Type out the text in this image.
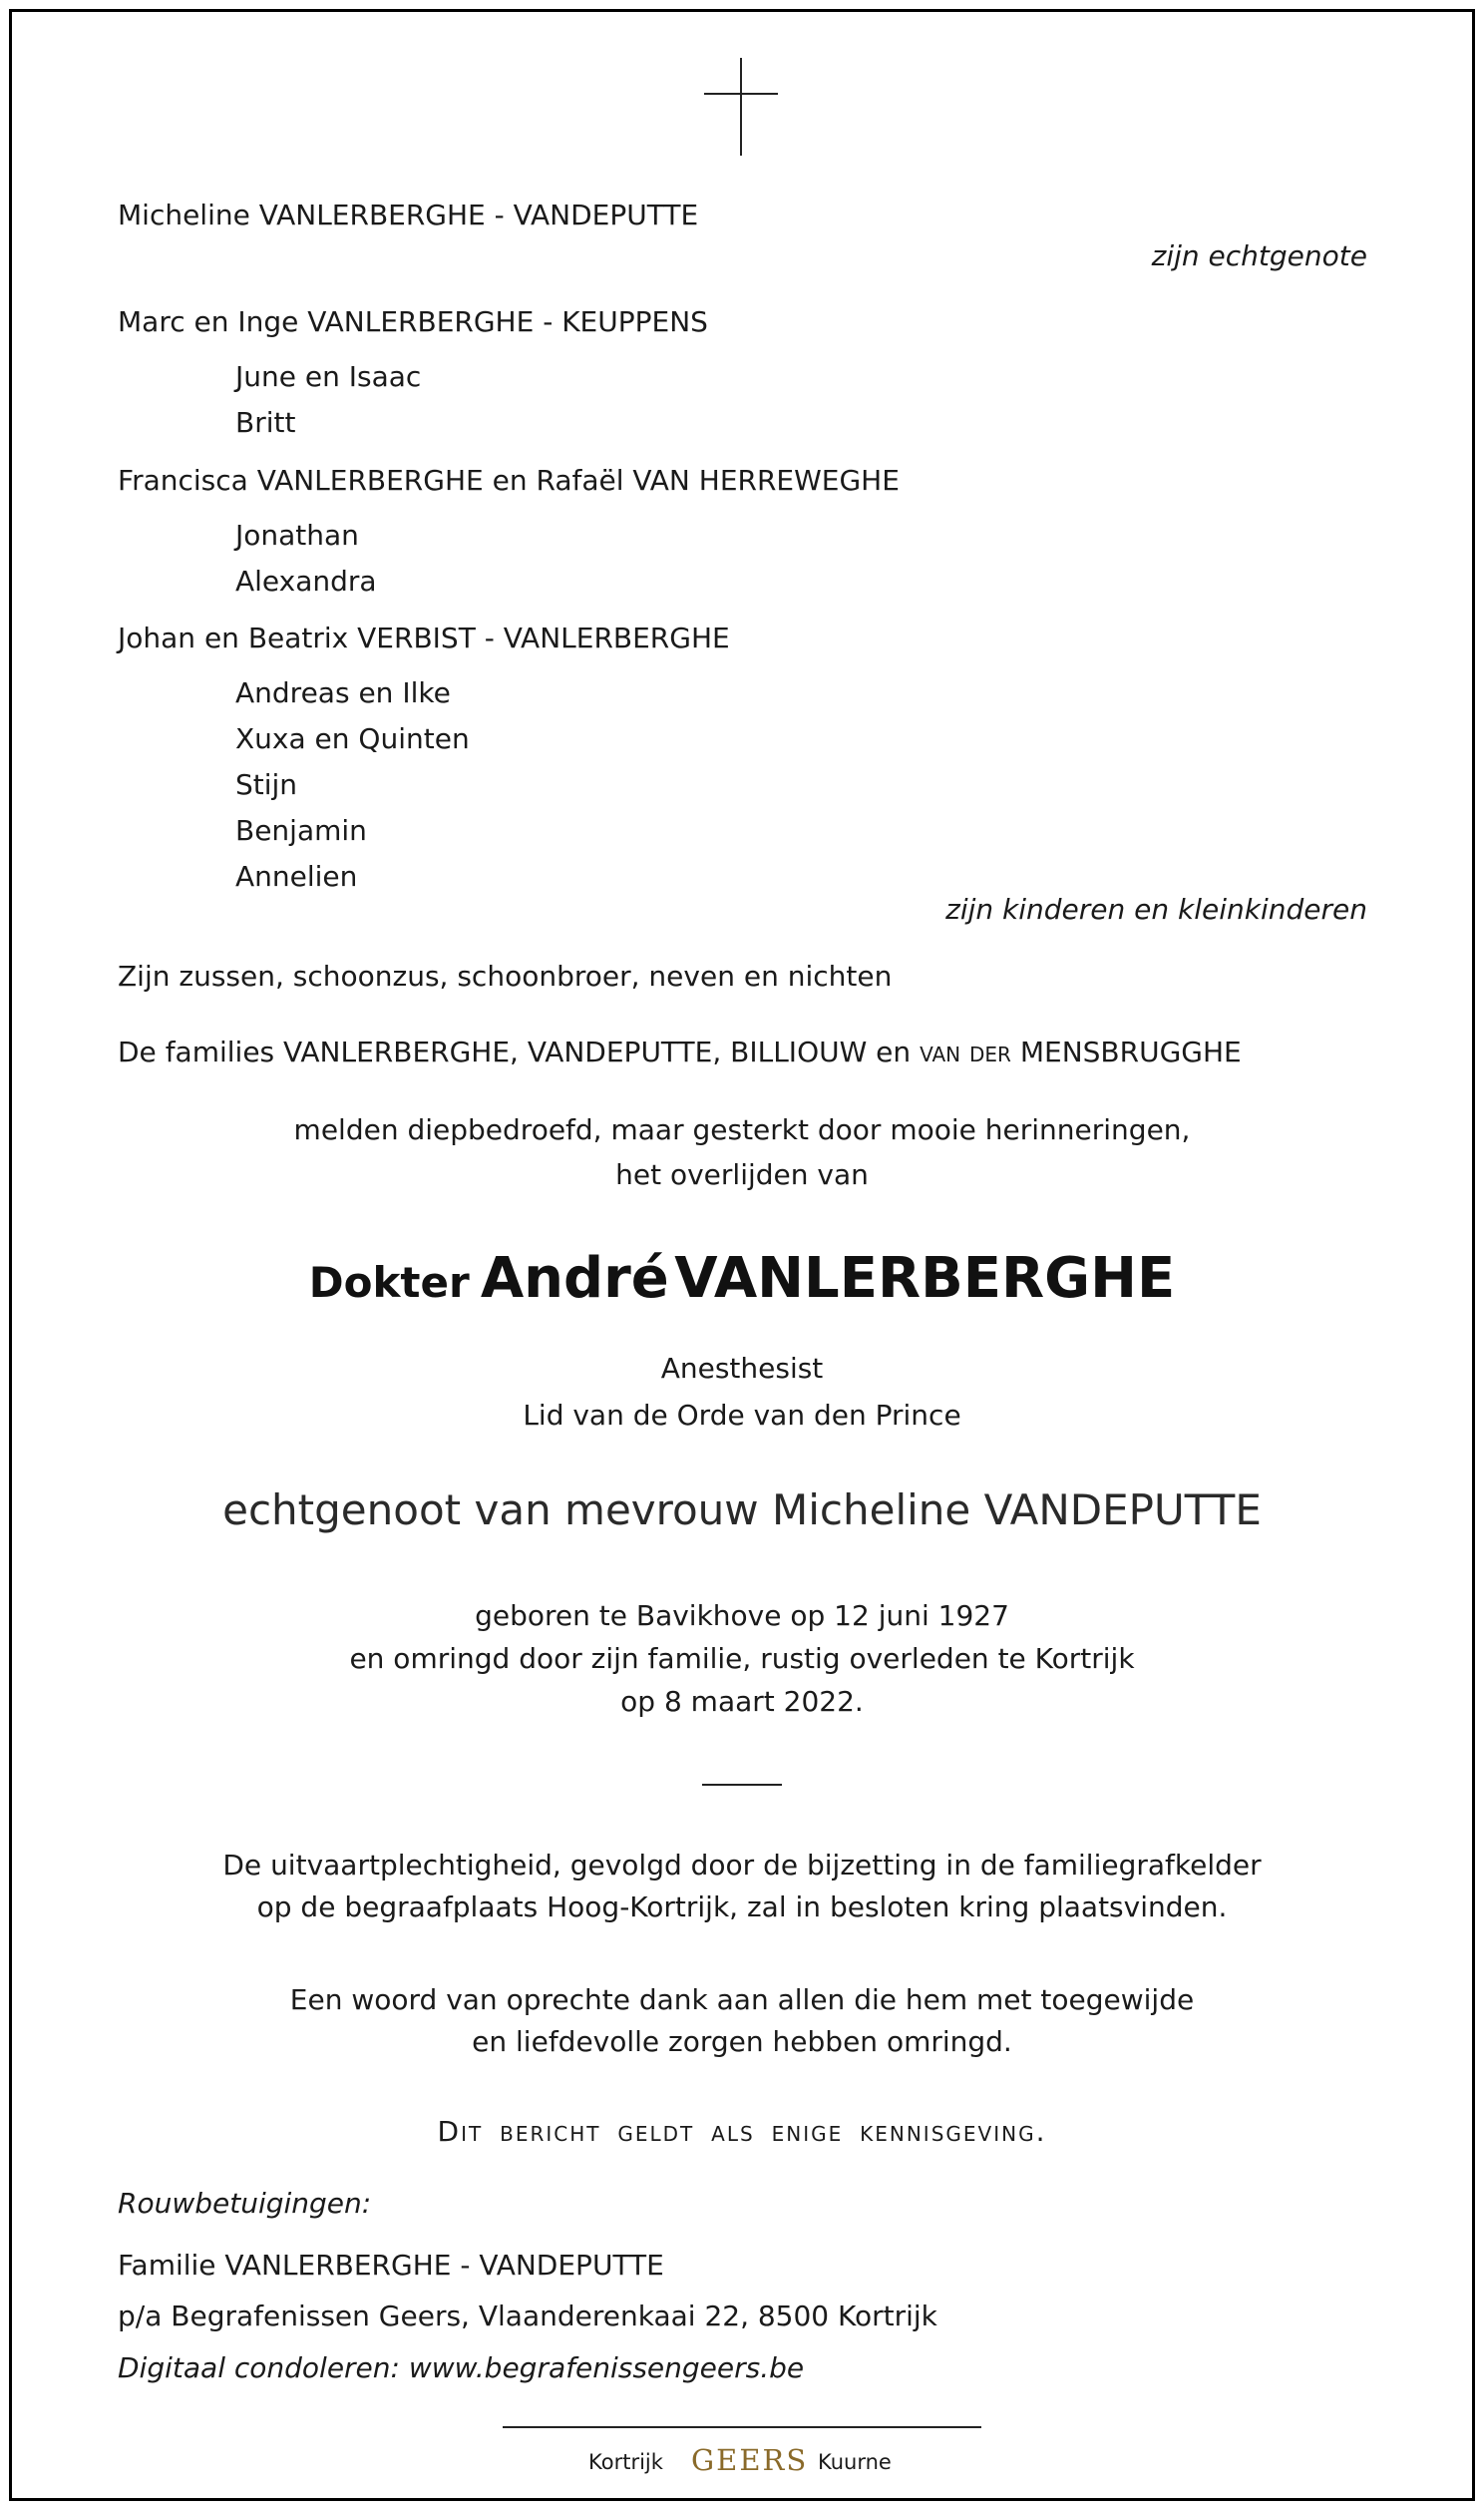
Micheline VANLERBERGHE - VANDEPUTTE
zijn echtgenote
Marc en Inge VANLERBERGHE - KEUPPENS
June en Isaac
Britt
Francisca VANLERBERGHE en Rafaël VAN HERREWEGHE
Jonathan
Alexandra
Johan en Beatrix VERBIST - VANLERBERGHE
Andreas en Ilke
Xuxa en Quinten
Stijn
Benjamin
Annelien
zijn kinderen en kleinkinderen
Zijn zussen, schoonzus, schoonbroer, neven en nichten
De families VANLERBERGHE, VANDEPUTTE, BILLIOUW en van der MENSBRUGGHE
melden diepbedroefd, maar gesterkt door mooie herinneringen,
het overlijden van
Dokter André VANLERBERGHE
Anesthesist
Lid van de Orde van den Prince
echtgenoot van mevrouw Micheline VANDEPUTTE
geboren te Bavikhove op 12 juni 1927
en omringd door zijn familie, rustig overleden te Kortrijk
op 8 maart 2022.
De uitvaartplechtigheid, gevolgd door de bijzetting in de familiegrafkelder
op de begraafplaats Hoog-Kortrijk, zal in besloten kring plaatsvinden.
Een woord van oprechte dank aan allen die hem met toegewijde
en liefdevolle zorgen hebben omringd.
Dit bericht geldt als enige kennisgeving.
Rouwbetuigingen:
Familie VANLERBERGHE - VANDEPUTTE
p/a Begrafenissen Geers, Vlaanderenkaai 22, 8500 Kortrijk
Digitaal condoleren: www.begrafenissengeers.be
Kortrijk GEERS Kuurne
